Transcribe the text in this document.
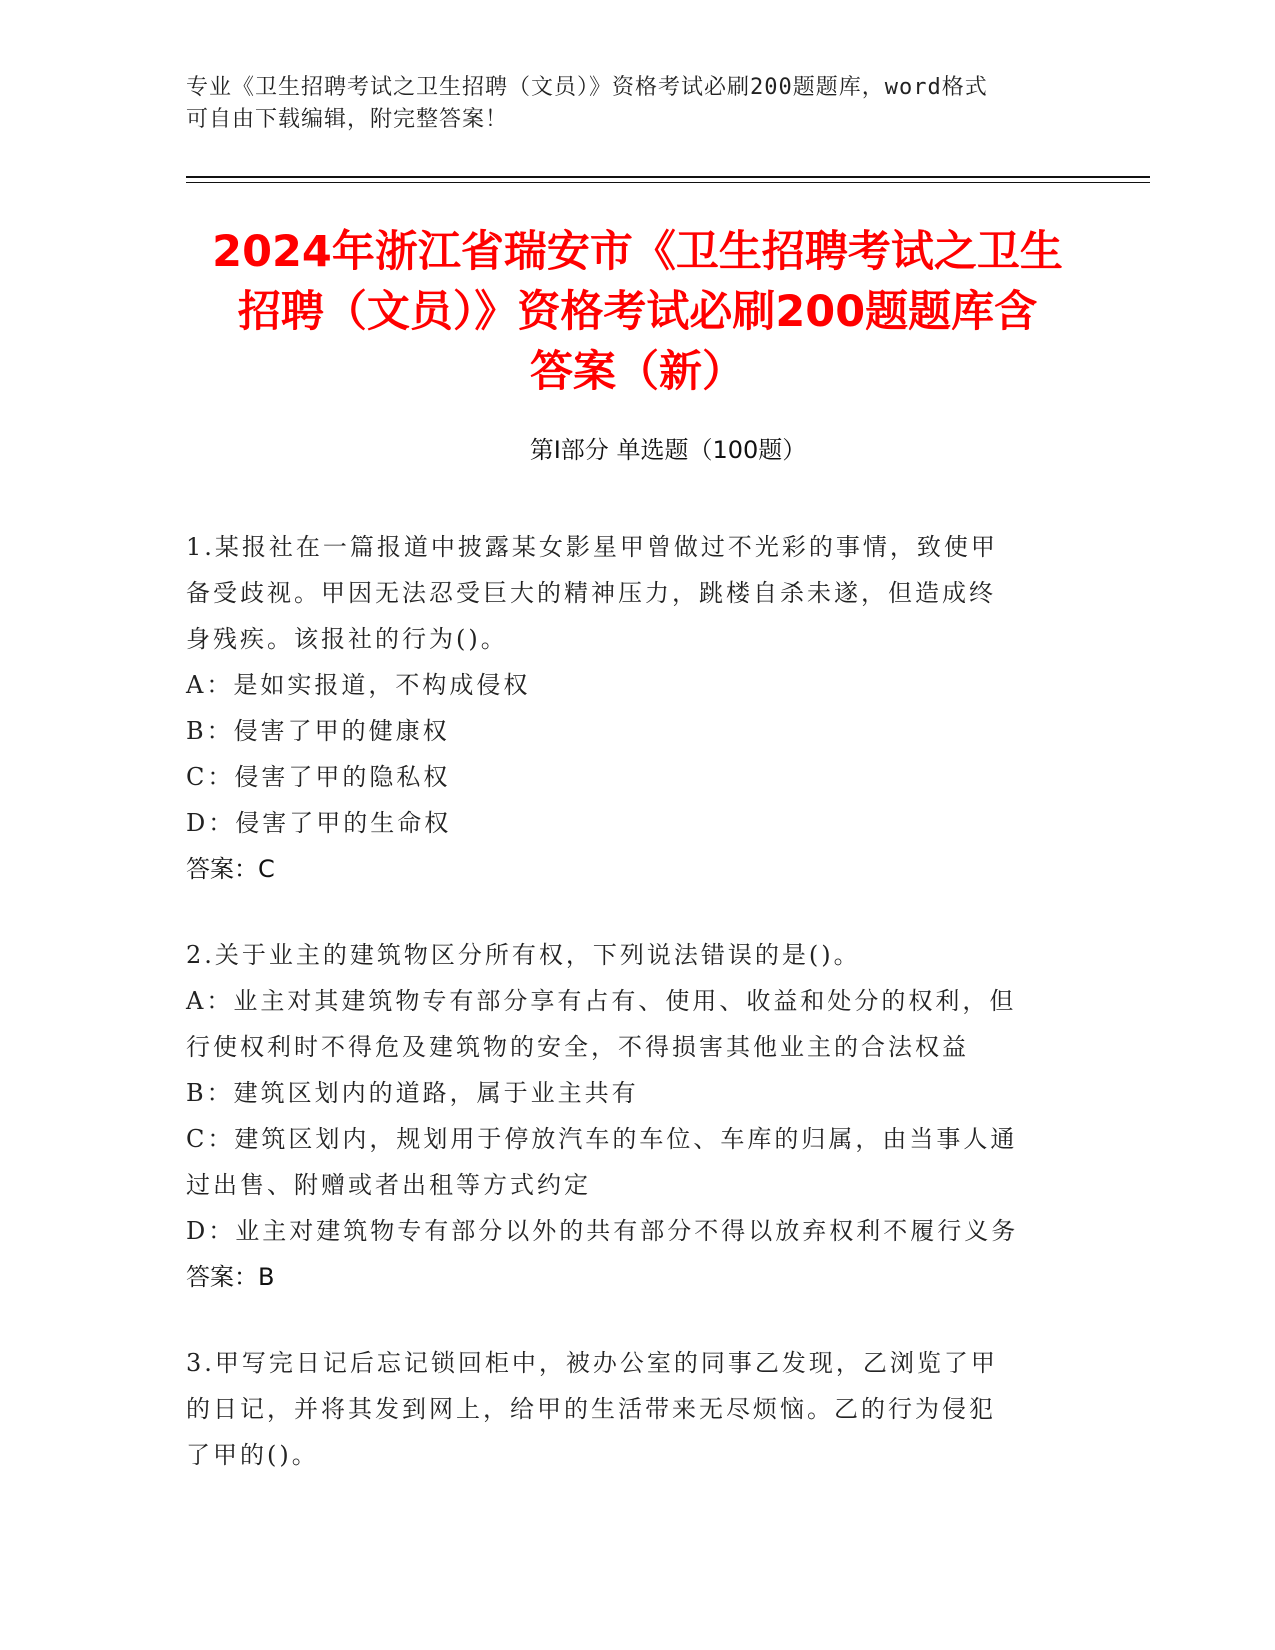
专业《卫生招聘考试之卫生招聘（文员）》资格考试必刷200题题库，word格式
可自由下载编辑，附完整答案！
2024年浙江省瑞安市《卫生招聘考试之卫生
招聘（文员）》资格考试必刷200题题库含
答案（新）
第Ⅰ部分 单选题（100题）
1.某报社在一篇报道中披露某女影星甲曾做过不光彩的事情，致使甲
备受歧视。甲因无法忍受巨大的精神压力，跳楼自杀未遂，但造成终
身残疾。该报社的行为()。
A：是如实报道，不构成侵权
B：侵害了甲的健康权
C：侵害了甲的隐私权
D：侵害了甲的生命权
答案：C
2.关于业主的建筑物区分所有权，下列说法错误的是()。
A：业主对其建筑物专有部分享有占有、使用、收益和处分的权利，但
行使权利时不得危及建筑物的安全，不得损害其他业主的合法权益
B：建筑区划内的道路，属于业主共有
C：建筑区划内，规划用于停放汽车的车位、车库的归属，由当事人通
过出售、附赠或者出租等方式约定
D：业主对建筑物专有部分以外的共有部分不得以放弃权利不履行义务
答案：B
3.甲写完日记后忘记锁回柜中，被办公室的同事乙发现，乙浏览了甲
的日记，并将其发到网上，给甲的生活带来无尽烦恼。乙的行为侵犯
了甲的()。
